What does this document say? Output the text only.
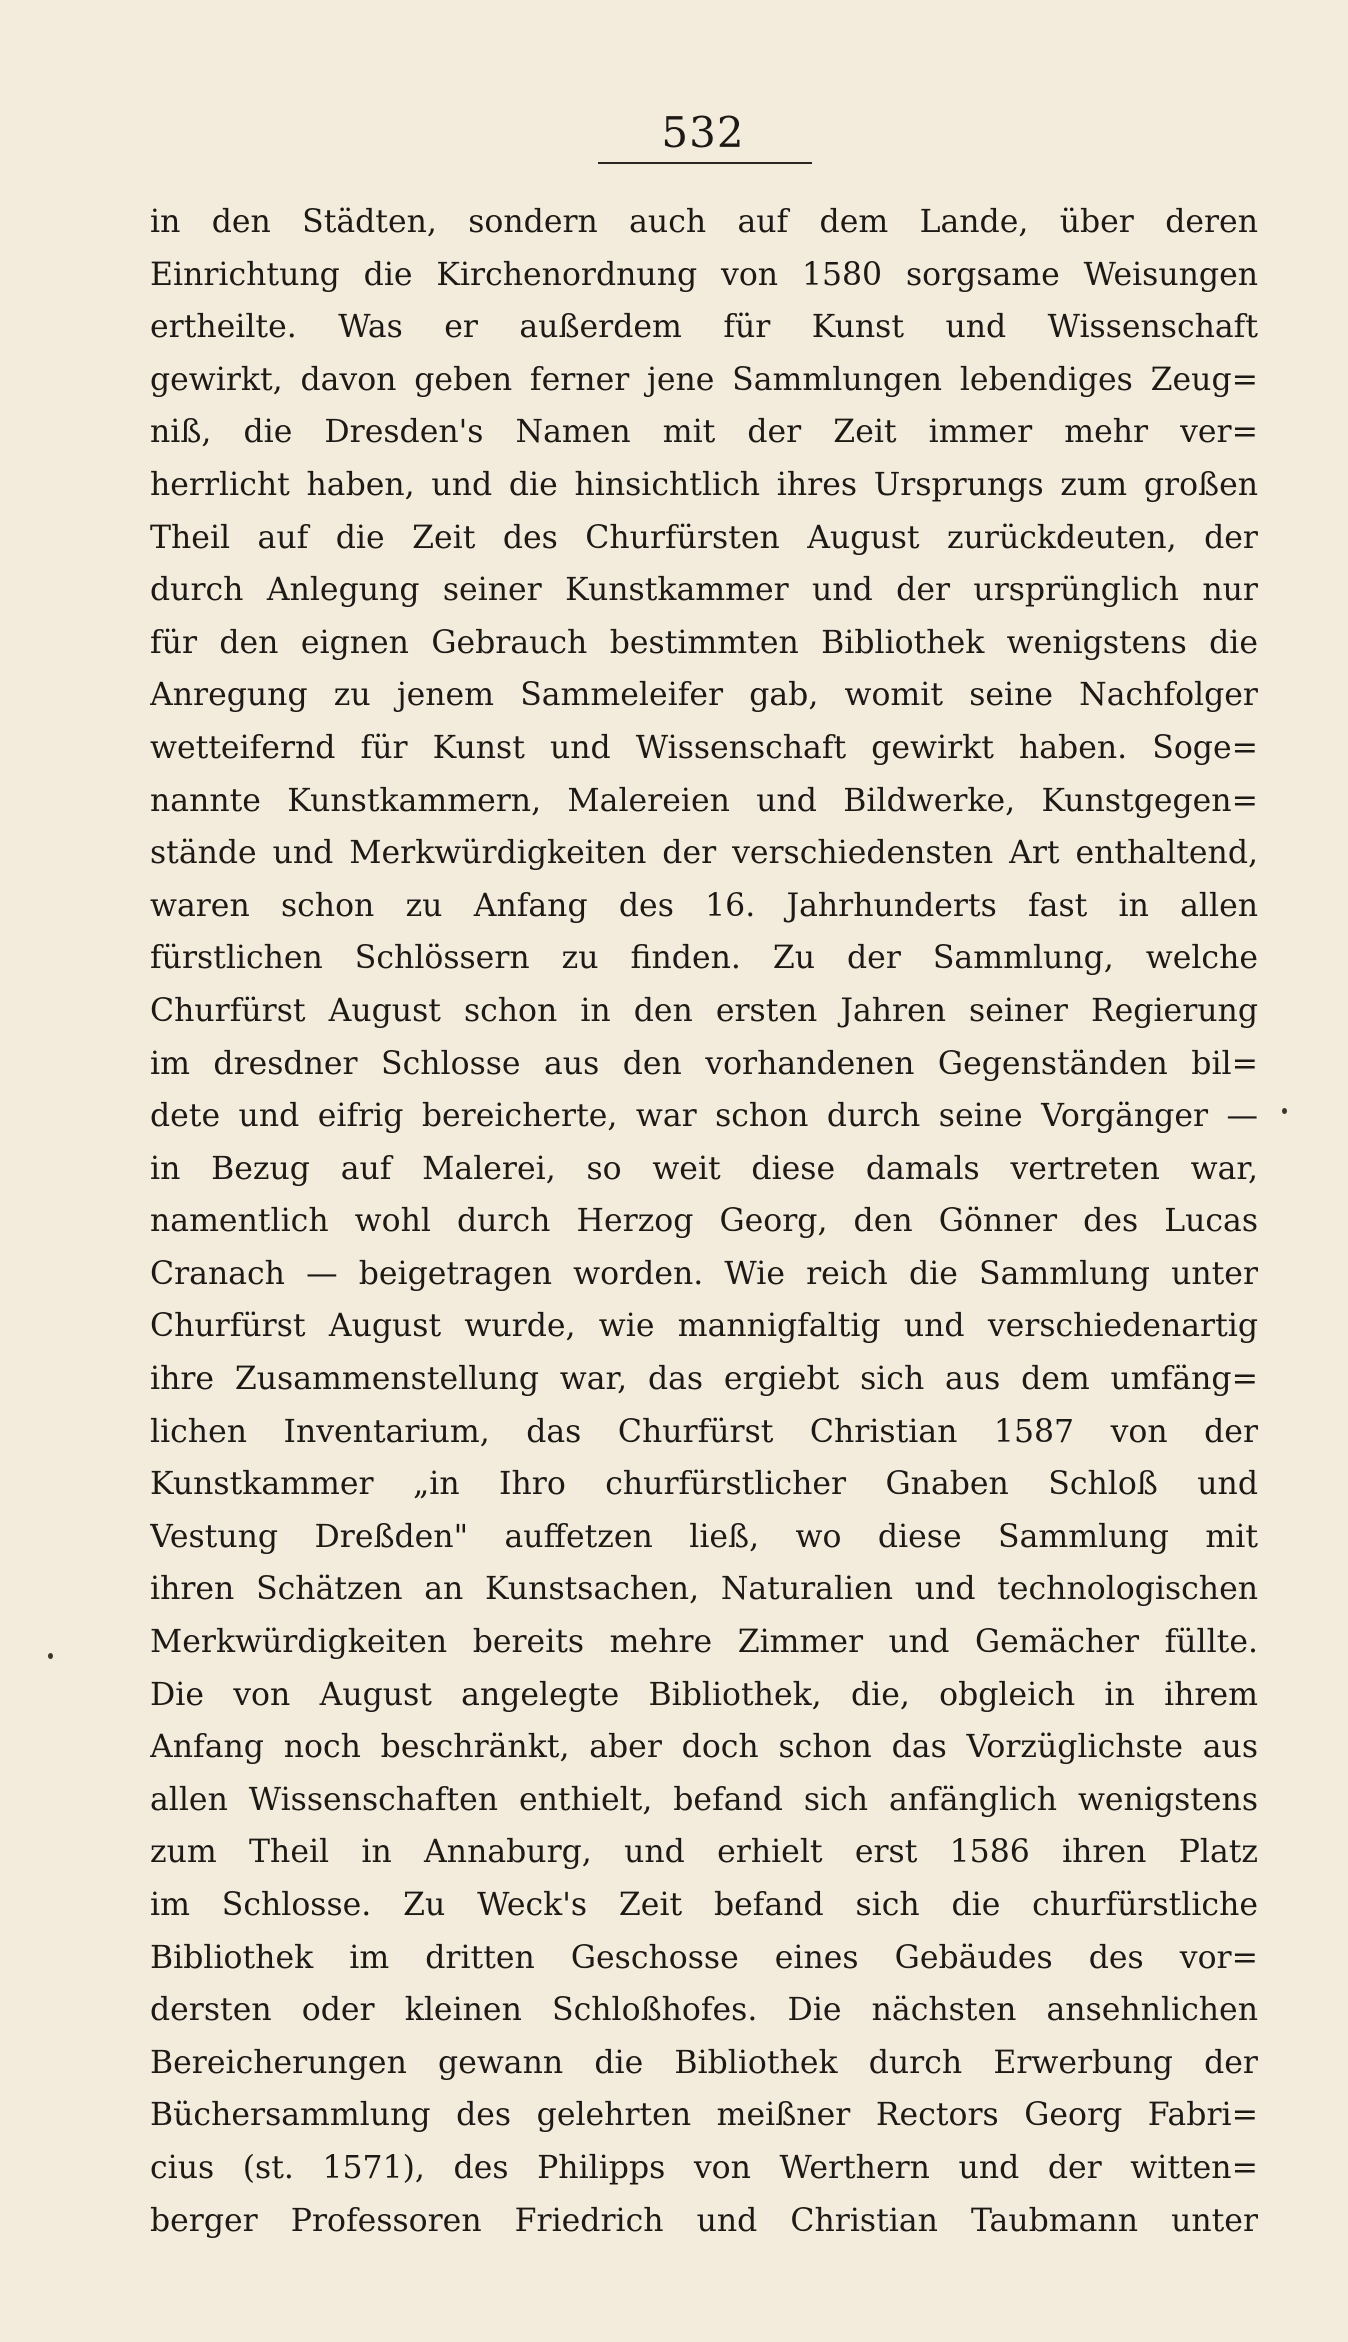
532
in den Städten, sondern auch auf dem Lande, über deren
Einrichtung die Kirchenordnung von 1580 sorgsame Weisungen
ertheilte. Was er außerdem für Kunst und Wissenschaft
gewirkt, davon geben ferner jene Sammlungen lebendiges Zeug=
niß, die Dresden's Namen mit der Zeit immer mehr ver=
herrlicht haben, und die hinsichtlich ihres Ursprungs zum großen
Theil auf die Zeit des Churfürsten August zurückdeuten, der
durch Anlegung seiner Kunstkammer und der ursprünglich nur
für den eignen Gebrauch bestimmten Bibliothek wenigstens die
Anregung zu jenem Sammeleifer gab, womit seine Nachfolger
wetteifernd für Kunst und Wissenschaft gewirkt haben. Soge=
nannte Kunstkammern, Malereien und Bildwerke, Kunstgegen=
stände und Merkwürdigkeiten der verschiedensten Art enthaltend,
waren schon zu Anfang des 16. Jahrhunderts fast in allen
fürstlichen Schlössern zu finden. Zu der Sammlung, welche
Churfürst August schon in den ersten Jahren seiner Regierung
im dresdner Schlosse aus den vorhandenen Gegenständen bil=
dete und eifrig bereicherte, war schon durch seine Vorgänger —
in Bezug auf Malerei, so weit diese damals vertreten war,
namentlich wohl durch Herzog Georg, den Gönner des Lucas
Cranach — beigetragen worden. Wie reich die Sammlung unter
Churfürst August wurde, wie mannigfaltig und verschiedenartig
ihre Zusammenstellung war, das ergiebt sich aus dem umfäng=
lichen Inventarium, das Churfürst Christian 1587 von der
Kunstkammer „in Ihro churfürstlicher Gnaben Schloß und
Vestung Dreßden" auffetzen ließ, wo diese Sammlung mit
ihren Schätzen an Kunstsachen, Naturalien und technologischen
Merkwürdigkeiten bereits mehre Zimmer und Gemächer füllte.
Die von August angelegte Bibliothek, die, obgleich in ihrem
Anfang noch beschränkt, aber doch schon das Vorzüglichste aus
allen Wissenschaften enthielt, befand sich anfänglich wenigstens
zum Theil in Annaburg, und erhielt erst 1586 ihren Platz
im Schlosse. Zu Weck's Zeit befand sich die churfürstliche
Bibliothek im dritten Geschosse eines Gebäudes des vor=
dersten oder kleinen Schloßhofes. Die nächsten ansehnlichen
Bereicherungen gewann die Bibliothek durch Erwerbung der
Büchersammlung des gelehrten meißner Rectors Georg Fabri=
cius (st. 1571), des Philipps von Werthern und der witten=
berger Professoren Friedrich und Christian Taubmann unter
